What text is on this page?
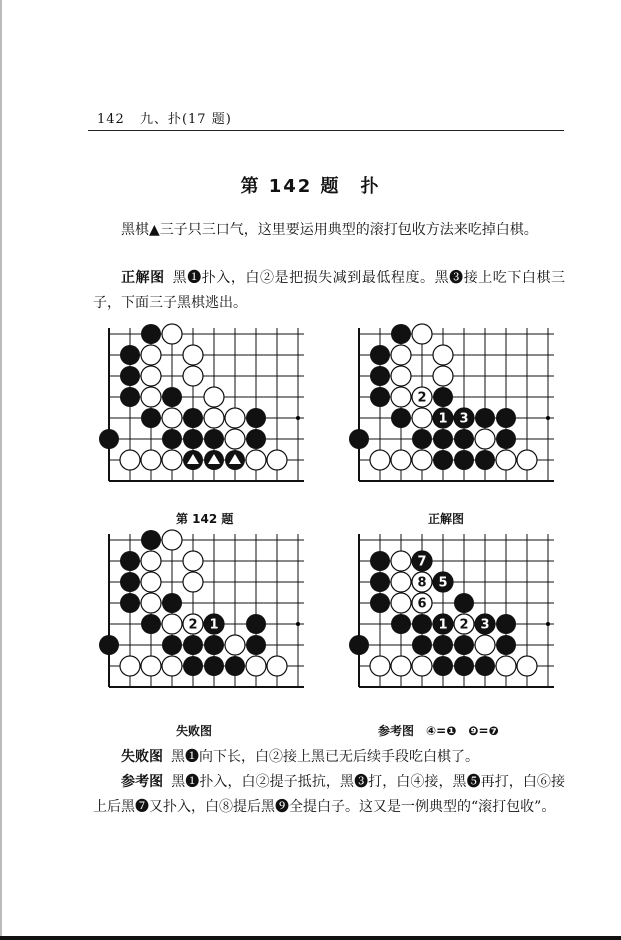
142 九、扑(17 题)
第 142 题　扑
黑棋▲三子只三口气，这里要运用典型的滚打包收方法来吃掉白棋。
正解图 黑❶扑入，白②是把损失减到最低程度。黑❸接上吃下白棋三子，下面三子黑棋逃出。
2
1 3
2 1
7
8 5
6
1 2 3
第 142 题	正解图
失败图	参考图　④=❶　❾=❼
失败图 黑❶向下长，白②接上黑已无后续手段吃白棋了。
参考图 黑❶扑入，白②提子抵抗，黑❸打，白④接，黑❺再打，白⑥接上后黑❼又扑入，白⑧提后黑❾全提白子。这又是一例典型的“滚打包收”。
